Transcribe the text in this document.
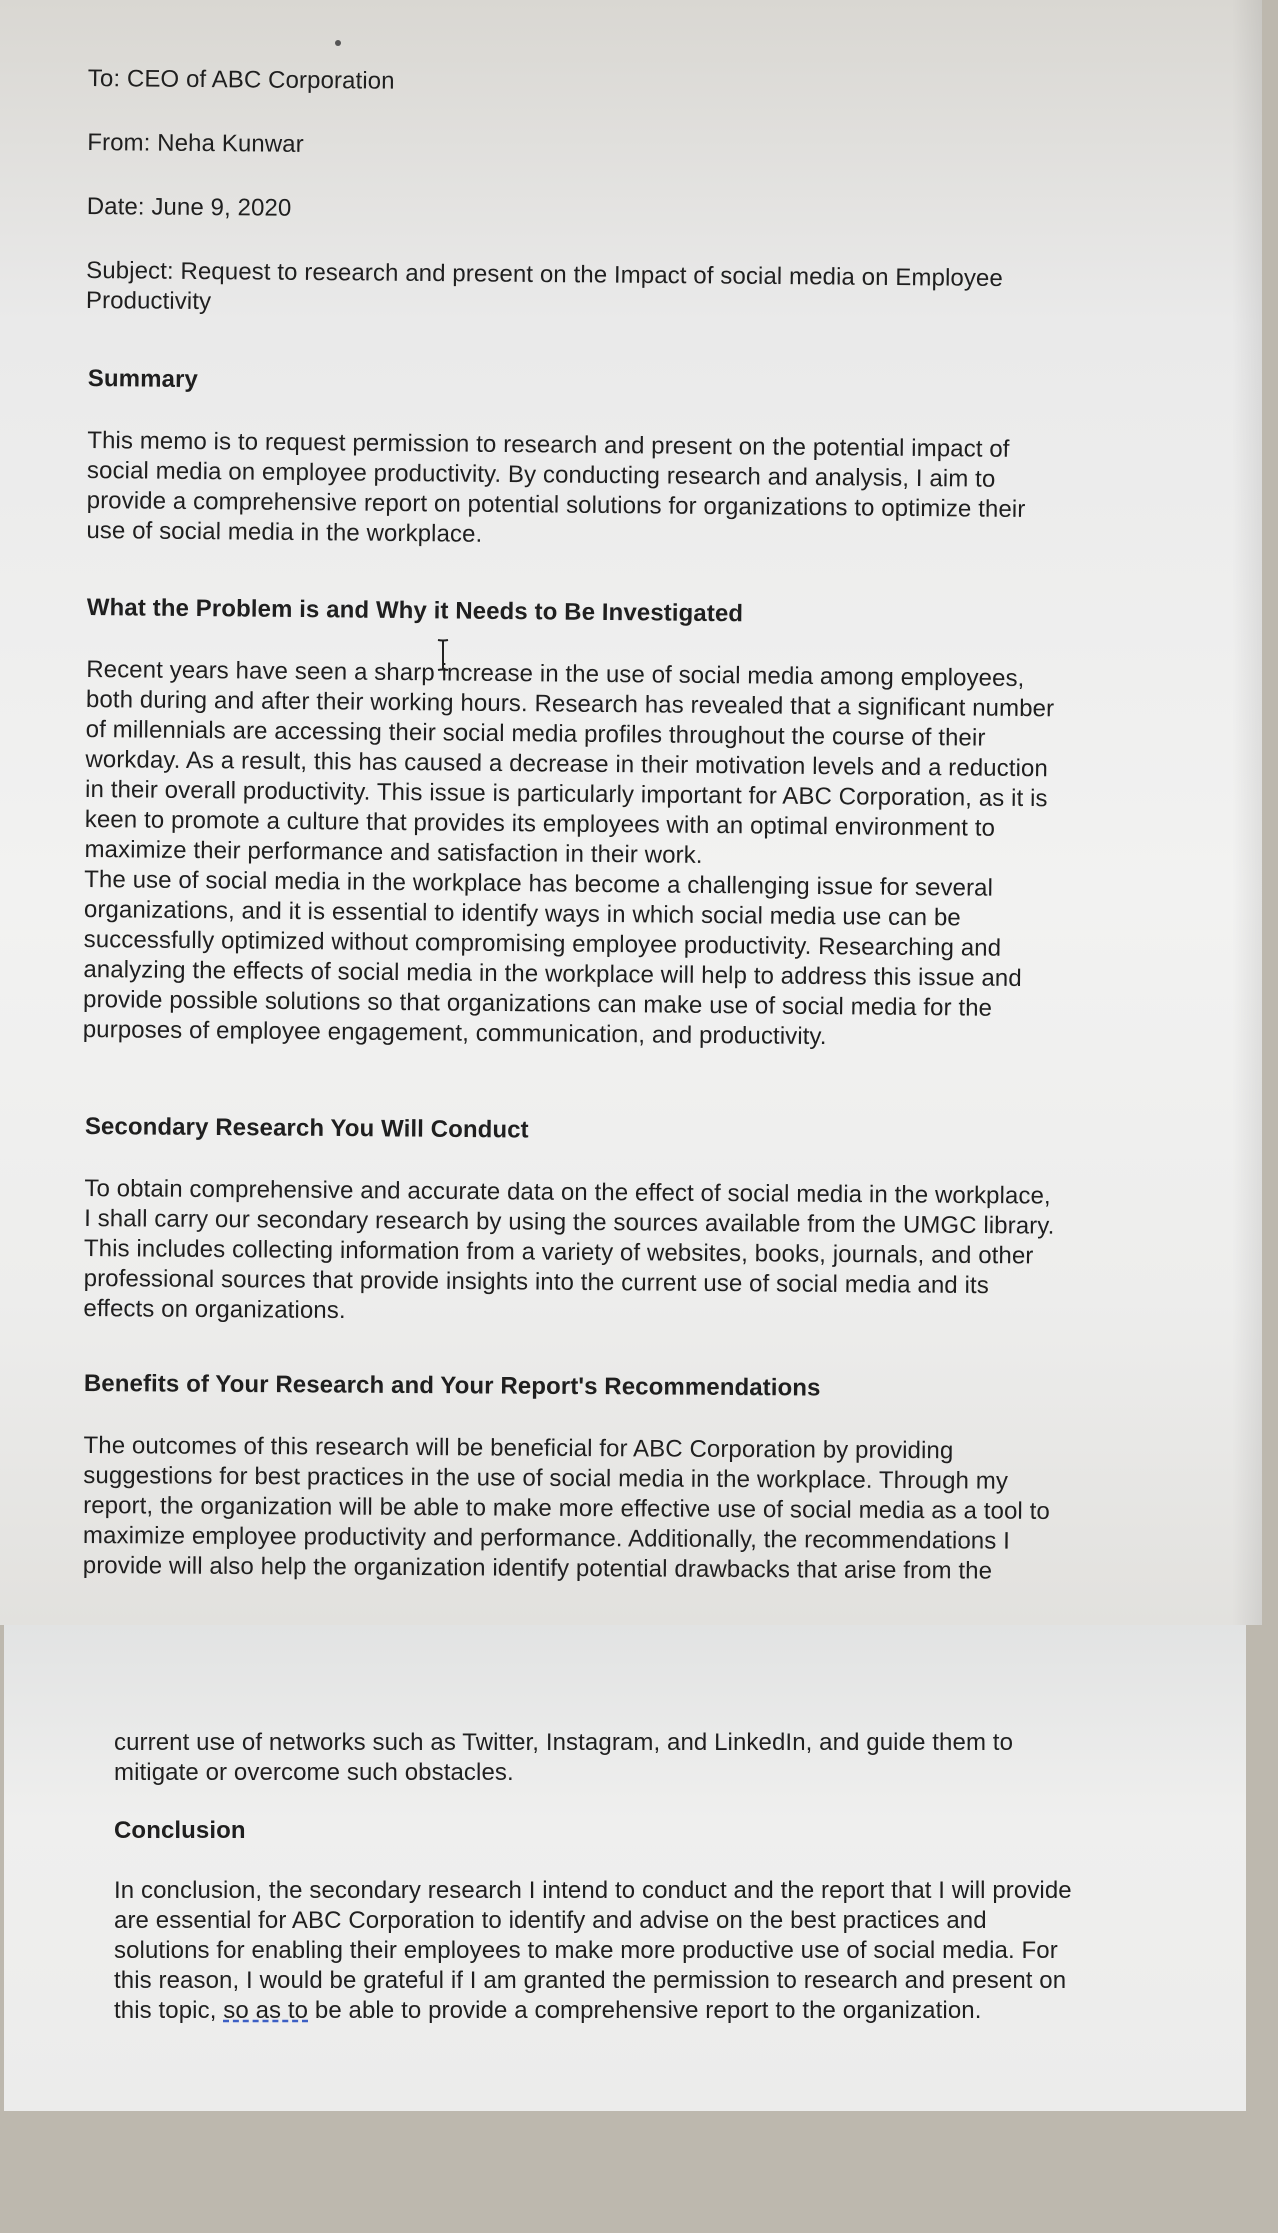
To: CEO of ABC Corporation

From: Neha Kunwar

Date: June 9, 2020

Subject: Request to research and present on the Impact of social media on Employee

Productivity

Summary

This memo is to request permission to research and present on the potential impact of

social media on employee productivity. By conducting research and analysis, I aim to

provide a comprehensive report on potential solutions for organizations to optimize their

use of social media in the workplace.

What the Problem is and Why it Needs to Be Investigated

Recent years have seen a sharp increase in the use of social media among employees,

both during and after their working hours. Research has revealed that a significant number

of millennials are accessing their social media profiles throughout the course of their

workday. As a result, this has caused a decrease in their motivation levels and a reduction

in their overall productivity. This issue is particularly important for ABC Corporation, as it is

keen to promote a culture that provides its employees with an optimal environment to

maximize their performance and satisfaction in their work.

The use of social media in the workplace has become a challenging issue for several

organizations, and it is essential to identify ways in which social media use can be

successfully optimized without compromising employee productivity. Researching and

analyzing the effects of social media in the workplace will help to address this issue and

provide possible solutions so that organizations can make use of social media for the

purposes of employee engagement, communication, and productivity.

Secondary Research You Will Conduct

To obtain comprehensive and accurate data on the effect of social media in the workplace,

I shall carry our secondary research by using the sources available from the UMGC library.

This includes collecting information from a variety of websites, books, journals, and other

professional sources that provide insights into the current use of social media and its

effects on organizations.

Benefits of Your Research and Your Report's Recommendations

The outcomes of this research will be beneficial for ABC Corporation by providing

suggestions for best practices in the use of social media in the workplace. Through my

report, the organization will be able to make more effective use of social media as a tool to

maximize employee productivity and performance. Additionally, the recommendations I

provide will also help the organization identify potential drawbacks that arise from the

current use of networks such as Twitter, Instagram, and LinkedIn, and guide them to

mitigate or overcome such obstacles.

Conclusion

In conclusion, the secondary research I intend to conduct and the report that I will provide

are essential for ABC Corporation to identify and advise on the best practices and

solutions for enabling their employees to make more productive use of social media. For

this reason, I would be grateful if I am granted the permission to research and present on

this topic, so as to be able to provide a comprehensive report to the organization.
